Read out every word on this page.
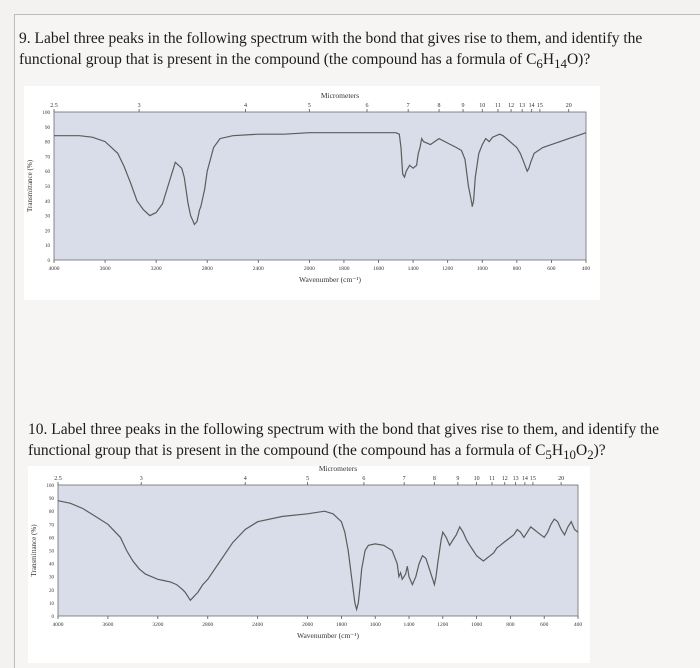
9. Label three peaks in the following spectrum with the bond that gives rise to them, and identify the functional group that is present in the compound (the compound has a formula of $C_6H_{14}O$)?

2.5	3	4	5	6	7	8	9 10 11 12 13 14 15	20
Micrometers
4000	3600	3200	2800	2400	2000	1800	1600	1400	1200	1000	800	600	400
Wavenumber (cm⁻¹)
100
90
80
70
60
50
40
30
20
10
0
Transmittance (%)

10. Label three peaks in the following spectrum with the bond that gives rise to them, and identify the functional group that is present in the compound (the compound has a formula of $C_5H_{10}O_2$)?

2.5	3	4	5	6	7	8	9 10 11 12 13 14 15	20
Micrometers
4000	3600	3200	2800	2400	2000	1800	1600	1400	1200	1000	800	600	400
Wavenumber (cm⁻¹)
100
90
80
70
60
50
40
30
20
10
0
Transmittance (%)
